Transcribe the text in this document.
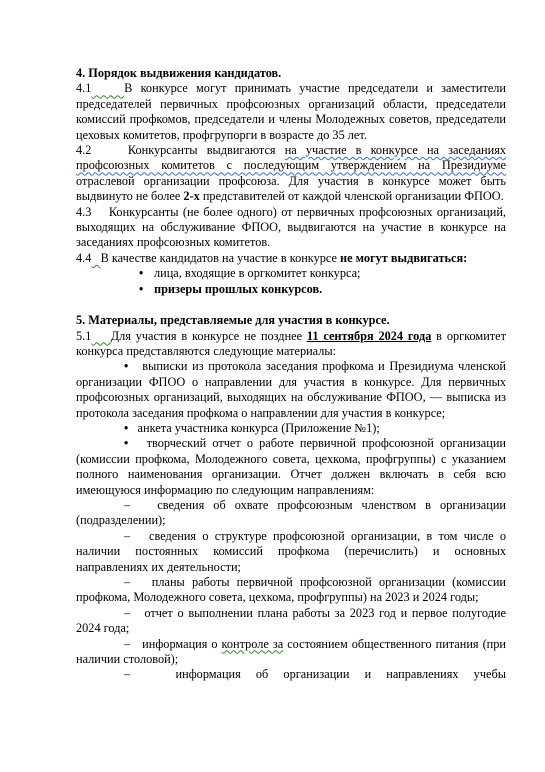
4. Порядок выдвижения кандидатов.

4.1	В конкурсе могут принимать участие председатели и заместители председателей первичных профсоюзных организаций области, председатели комиссий профкомов, председатели и члены Молодежных советов, председатели цеховых комитетов, профгрупорги в возрасте до 35 лет.

4.2	Конкурсанты выдвигаются на участие в конкурсе на заседаниях профсоюзных комитетов с последующим утверждением на Президиуме отраслевой организации профсоюза. Для участия в конкурсе может быть выдвинуто не более 2-х представителей от каждой членской организации ФПОО.

4.3 Конкурсанты (не более одного) от первичных профсоюзных организаций, выходящих на обслуживание ФПОО, выдвигаются на участие в конкурсе на заседаниях профсоюзных комитетов.

4.4 В качестве кандидатов на участие в конкурсе не могут выдвигаться:

• лица, входящие в оргкомитет конкурса;

• призеры прошлых конкурсов.

5. Материалы, представляемые для участия в конкурсе.

5.1 Для участия в конкурсе не позднее 11 сентября 2024 года в оргкомитет конкурса представляются следующие материалы:

• выписки из протокола заседания профкома и Президиума членской организации ФПОО о направлении для участия в конкурсе. Для первичных профсоюзных организаций, выходящих на обслуживание ФПОО, — выписка из протокола заседания профкома о направлении для участия в конкурсе;

• анкета участника конкурса (Приложение №1);

• творческий отчет о работе первичной профсоюзной организации (комиссии профкома, Молодежного совета, цехкома, профгруппы) с указанием полного наименования организации. Отчет должен включать в себя всю имеющуюся информацию по следующим направлениям:

– сведения об охвате профсоюзным членством в организации (подразделении);

– сведения о структуре профсоюзной организации, в том числе о наличии постоянных комиссий профкома (перечислить) и основных направлениях их деятельности;

– планы работы первичной профсоюзной организации (комиссии профкома, Молодежного совета, цехкома, профгруппы) на 2023 и 2024 годы;

– отчет о выполнении плана работы за 2023 год и первое полугодие 2024 года;

– информация о контроле за состоянием общественного питания (при наличии столовой);

–	информация об организации и направлениях учебы
